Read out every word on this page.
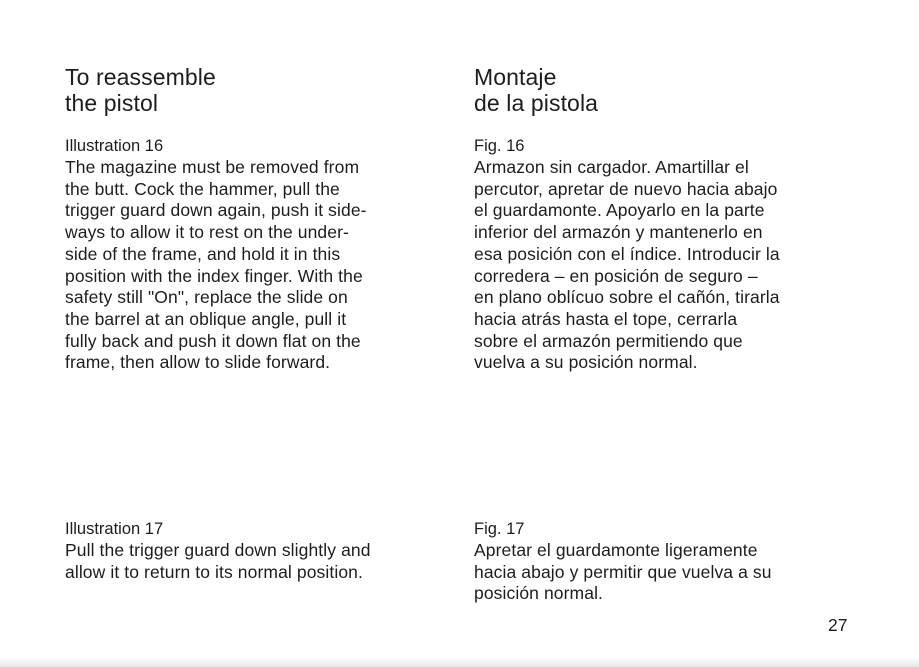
To reassemble
the pistol
Illustration 16
The magazine must be removed from
the butt. Cock the hammer, pull the
trigger guard down again, push it side-
ways to allow it to rest on the under-
side of the frame, and hold it in this
position with the index finger. With the
safety still "On", replace the slide on
the barrel at an oblique angle, pull it
fully back and push it down flat on the
frame, then allow to slide forward.
Illustration 17
Pull the trigger guard down slightly and
allow it to return to its normal position.
Montaje
de la pistola
Fig. 16
Armazon sin cargador. Amartillar el
percutor, apretar de nuevo hacia abajo
el guardamonte. Apoyarlo en la parte
inferior del armazón y mantenerlo en
esa posición con el índice. Introducir la
corredera – en posición de seguro –
en plano oblícuo sobre el cañón, tirarla
hacia atrás hasta el tope, cerrarla
sobre el armazón permitiendo que
vuelva a su posición normal.
Fig. 17
Apretar el guardamonte ligeramente
hacia abajo y permitir que vuelva a su
posición normal.
27
